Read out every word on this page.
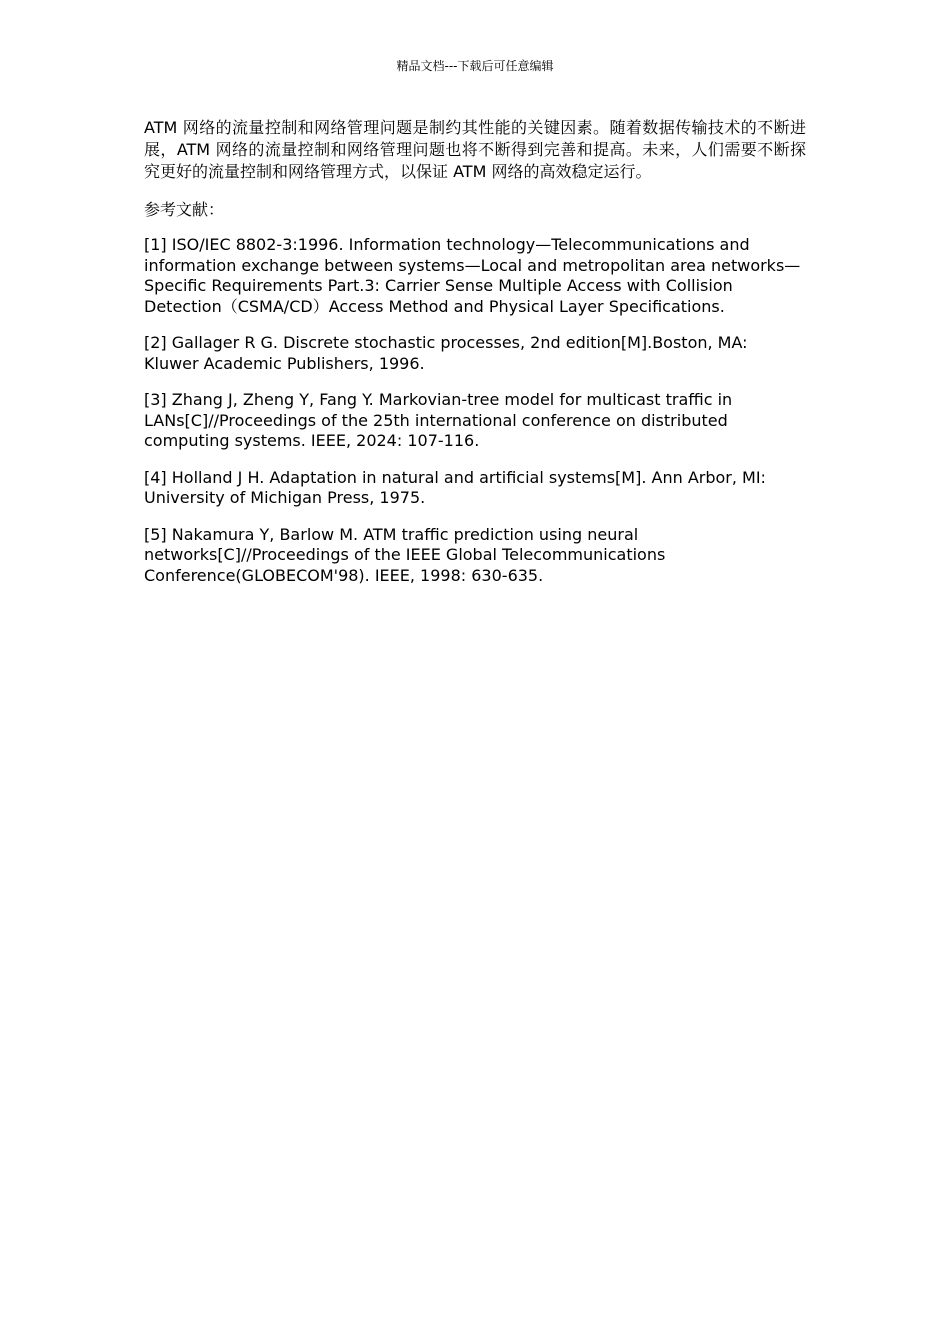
精品文档---下载后可任意编辑

ATM 网络的流量控制和网络管理问题是制约其性能的关键因素。随着数据传输技术的不断进展，ATM 网络的流量控制和网络管理问题也将不断得到完善和提高。未来，人们需要不断探究更好的流量控制和网络管理方式，以保证 ATM 网络的高效稳定运行。

参考文献：

[1] ISO/IEC 8802-3:1996. Information technology—Telecommunications and information exchange between systems—Local and metropolitan area networks—Specific Requirements Part.3: Carrier Sense Multiple Access with Collision Detection（CSMA/CD）Access Method and Physical Layer Specifications.
[2] Gallager R G. Discrete stochastic processes, 2nd edition[M].Boston, MA: Kluwer Academic Publishers, 1996.
[3] Zhang J, Zheng Y, Fang Y. Markovian-tree model for multicast traffic in LANs[C]//Proceedings of the 25th international conference on distributed computing systems. IEEE, 2024: 107-116.
[4] Holland J H. Adaptation in natural and artificial systems[M]. Ann Arbor, MI: University of Michigan Press, 1975.
[5] Nakamura Y, Barlow M. ATM traffic prediction using neural networks[C]//Proceedings of the IEEE Global Telecommunications Conference(GLOBECOM'98). IEEE, 1998: 630-635.
